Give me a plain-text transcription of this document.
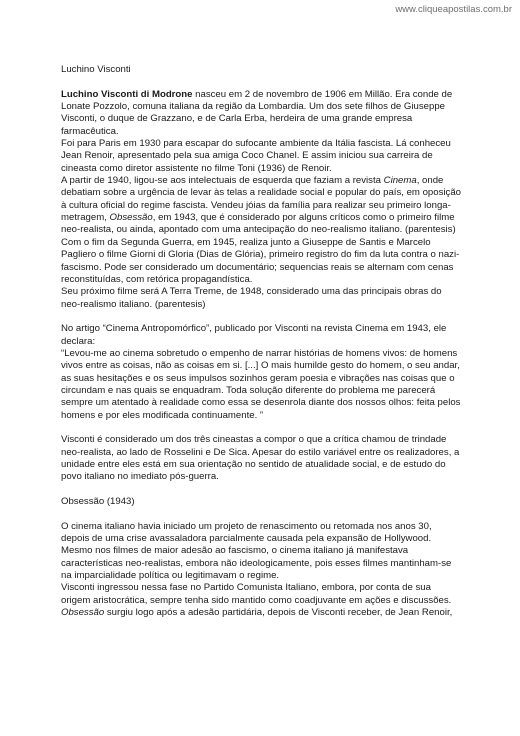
www.cliqueapostilas.com.br

Luchino Visconti

Luchino Visconti di Modrone nasceu em 2 de novembro de 1906 em Millão. Era conde de Lonate Pozzolo, comuna italiana da região da Lombardia. Um dos sete filhos de Giuseppe Visconti, o duque de Grazzano, e de Carla Erba, herdeira de uma grande empresa farmacêutica.

Foi para Paris em 1930 para escapar do sufocante ambiente da Itália fascista. Lá conheceu Jean Renoir, apresentado pela sua amiga Coco Chanel. E assim iniciou sua carreira de cineasta como diretor assistente no filme Toni (1936) de Renoir.

A partir de 1940, ligou-se aos intelectuais de esquerda que faziam a revista Cinema, onde debatiam sobre a urgência de levar às telas a realidade social e popular do país, em oposição à cultura oficial do regime fascista. Vendeu jóias da família para realizar seu primeiro longa-metragem, Obsessão, em 1943, que é considerado por alguns críticos como o primeiro filme neo-realista, ou ainda, apontado com uma antecipação do neo-realismo italiano. (parentesis)

Com o fim da Segunda Guerra, em 1945, realiza junto a Giuseppe de Santis e Marcelo Pagliero o filme Giorni di Gloria (Dias de Glória), primeiro registro do fim da luta contra o nazi-fascismo. Pode ser considerado um documentário; sequencias reais se alternam com cenas reconstituídas, com retórica propagandística.

Seu próximo filme será A Terra Treme, de 1948, considerado uma das principais obras do neo-realismo italiano. (parentesis)

No artigo “Cinema Antropomórfico”, publicado por Visconti na revista Cinema em 1943, ele declara:

“Levou-me ao cinema sobretudo o empenho de narrar histórias de homens vivos: de homens vivos entre as coisas, não as coisas em si. [...] O mais humilde gesto do homem, o seu andar, as suas hesitações e os seus impulsos sozinhos geram poesia e vibrações nas coisas que o circundam e nas quais se enquadram. Toda solução diferente do problema me parecerá sempre um atentado à realidade como essa se desenrola diante dos nossos olhos: feita pelos homens e por eles modificada continuamente. ”

Visconti é considerado um dos três cineastas a compor o que a crítica chamou de trindade neo-realista, ao lado de Rosselini e De Sica. Apesar do estilo variável entre os realizadores, a unidade entre eles está em sua orientação no sentido de atualidade social, e de estudo do povo italiano no imediato pós-guerra.

Obsessão (1943)

O cinema italiano havia iniciado um projeto de renascimento ou retomada nos anos 30, depois de uma crise avassaladora parcialmente causada pela expansão de Hollywood. Mesmo nos filmes de maior adesão ao fascismo, o cinema italiano já manifestava características neo-realistas, embora não ideologicamente, pois esses filmes mantinham-se na imparcialidade política ou legitimavam o regime.

Visconti ingressou nessa fase no Partido Comunista Italiano, embora, por conta de sua origem aristocrática, sempre tenha sido mantido como coadjuvante em ações e discussões.

Obsessão surgiu logo após a adesão partidária, depois de Visconti receber, de Jean Renoir,
